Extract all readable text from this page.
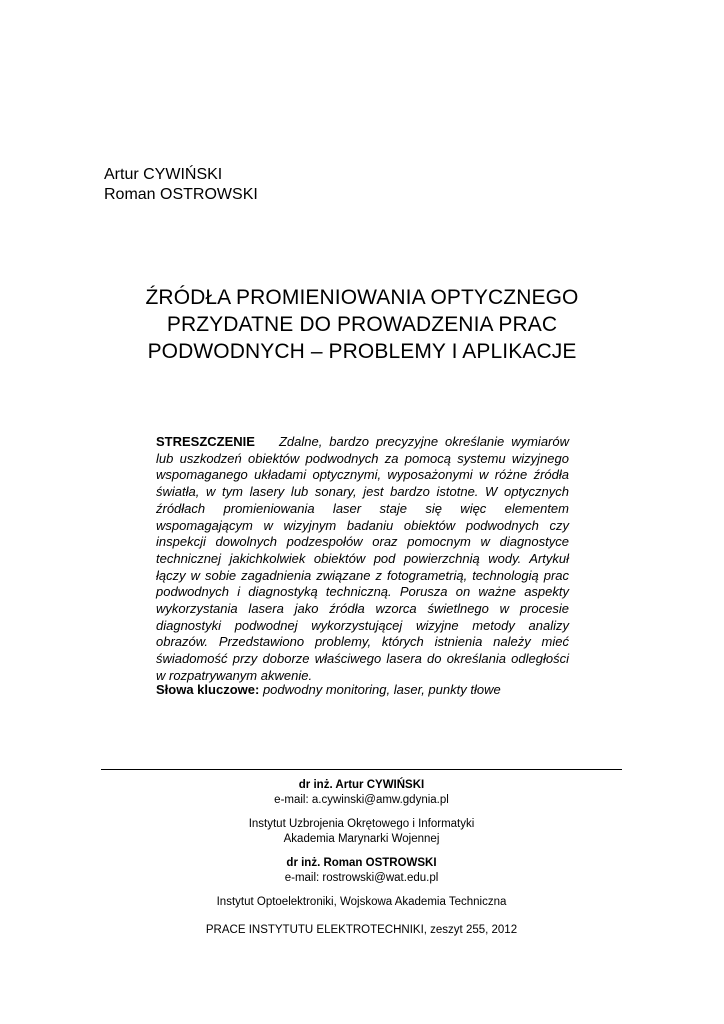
Artur CYWIŃSKI
Roman OSTROWSKI
ŹRÓDŁA PROMIENIOWANIA OPTYCZNEGO
PRZYDATNE DO PROWADZENIA PRAC
PODWODNYCH – PROBLEMY I APLIKACJE
STRESZCZENIE Zdalne, bardzo precyzyjne określanie wymiarów lub uszkodzeń obiektów podwodnych za pomocą systemu wizyjnego wspomaganego układami optycznymi, wyposażonymi w różne źródła światła, w tym lasery lub sonary, jest bardzo istotne. W optycznych źródłach promieniowania laser staje się więc elementem wspomagającym w wizyjnym badaniu obiektów podwodnych czy inspekcji dowolnych podzespołów oraz pomocnym w diagnostyce technicznej jakichkolwiek obiektów pod powierzchnią wody. Artykuł łączy w sobie zagadnienia związane z fotogrametrią, technologią prac podwodnych i diagnostyką techniczną. Porusza on ważne aspekty wykorzystania lasera jako źródła wzorca świetlnego w procesie diagnostyki podwodnej wykorzystującej wizyjne metody analizy obrazów. Przedstawiono problemy, których istnienia należy mieć świadomość przy doborze właściwego lasera do określania odległości w rozpatrywanym akwenie.
Słowa kluczowe: podwodny monitoring, laser, punkty tłowe
dr inż. Artur CYWIŃSKI
e-mail: a.cywinski@amw.gdynia.pl
Instytut Uzbrojenia Okrętowego i Informatyki
Akademia Marynarki Wojennej
dr inż. Roman OSTROWSKI
e-mail: rostrowski@wat.edu.pl
Instytut Optoelektroniki, Wojskowa Akademia Techniczna
PRACE INSTYTUTU ELEKTROTECHNIKI, zeszyt 255, 2012
